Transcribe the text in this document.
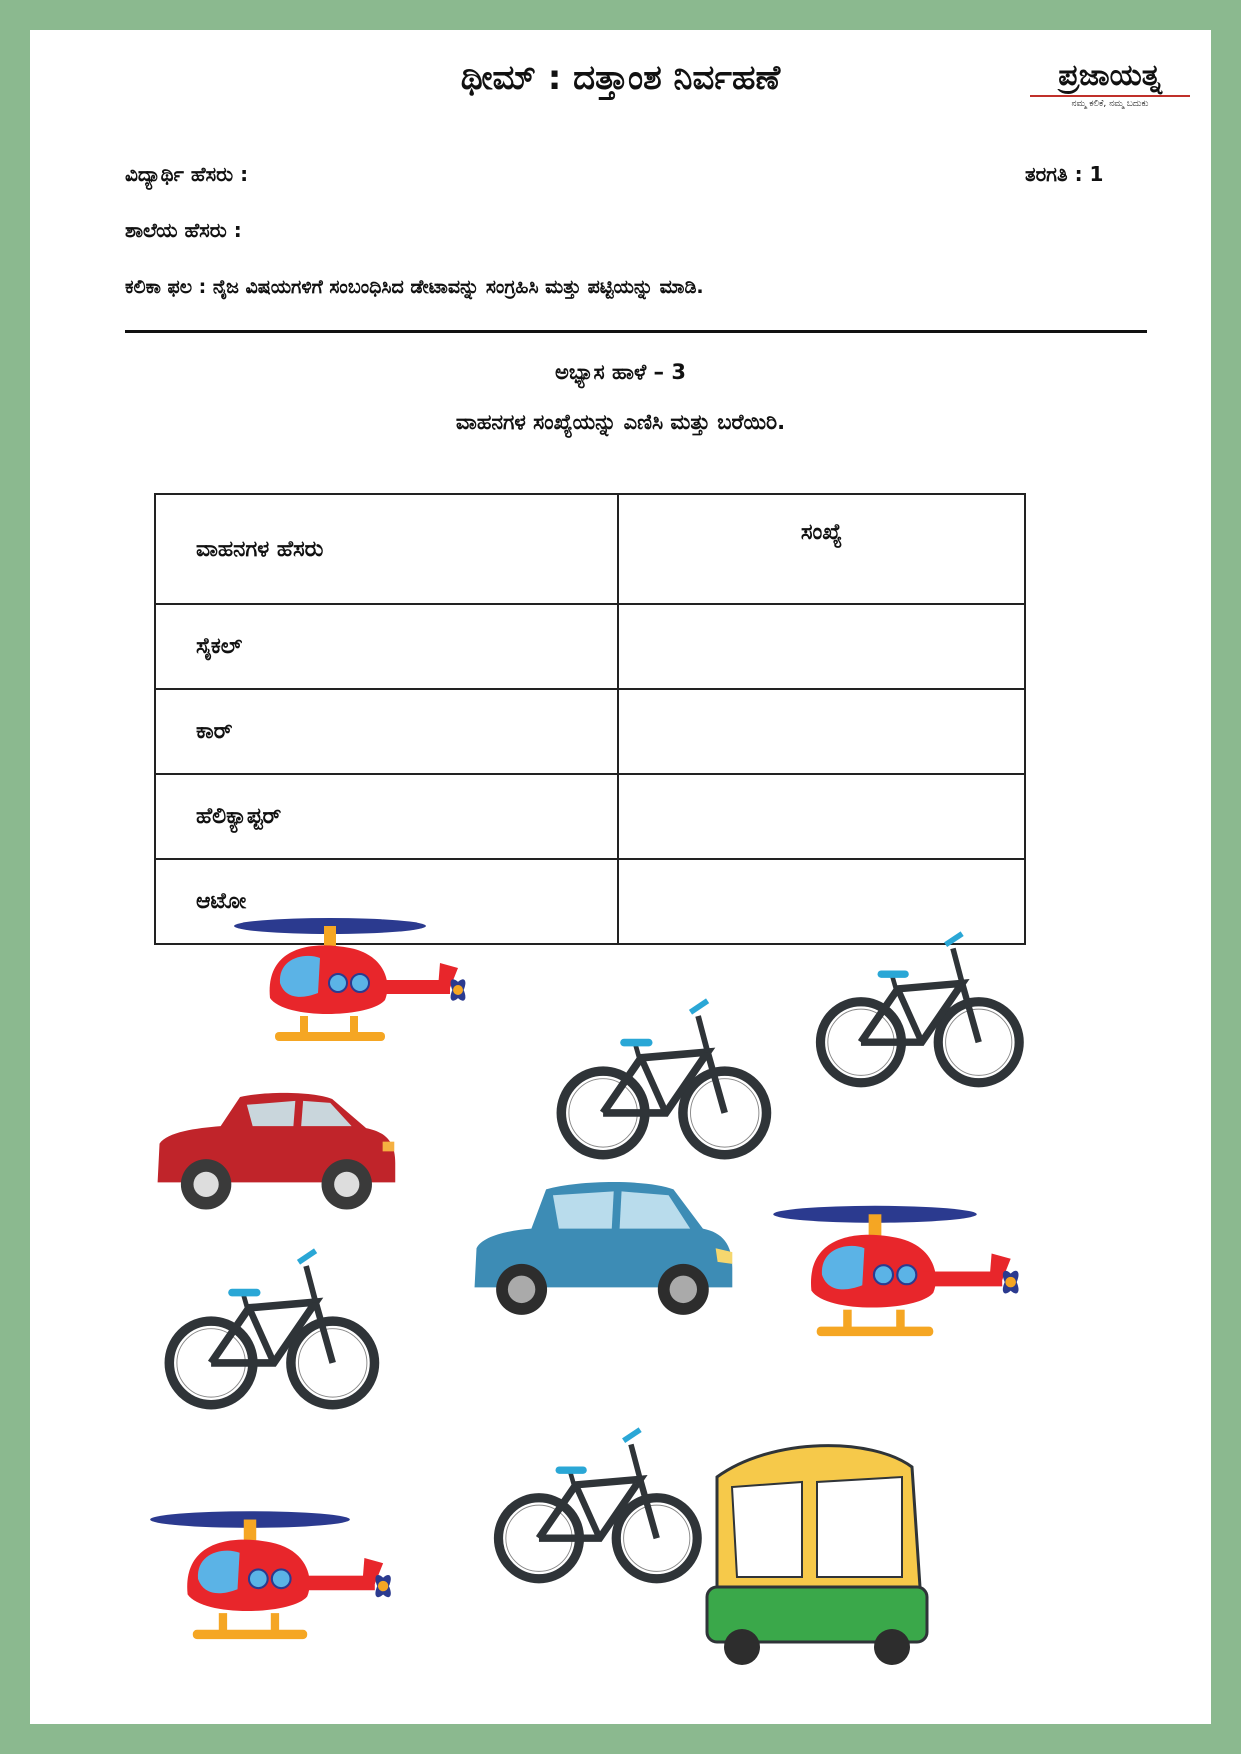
ಥೀಮ್ : ದತ್ತಾಂಶ ನಿರ್ವಹಣೆ	ಪ್ರಜಾಯತ್ನ
ನಮ್ಮ ಕಲಿಕೆ, ನಮ್ಮ ಬದುಕು
ವಿದ್ಯಾರ್ಥಿ ಹೆಸರು :	ತರಗತಿ : 1
ಶಾಲೆಯ ಹೆಸರು :
ಕಲಿಕಾ ಫಲ : ನೈಜ ವಿಷಯಗಳಿಗೆ ಸಂಬಂಧಿಸಿದ ಡೇಟಾವನ್ನು ಸಂಗ್ರಹಿಸಿ ಮತ್ತು ಪಟ್ಟಿಯನ್ನು ಮಾಡಿ.
ಅಭ್ಯಾಸ ಹಾಳೆ – 3
ವಾಹನಗಳ ಸಂಖ್ಯೆಯನ್ನು ಎಣಿಸಿ ಮತ್ತು ಬರೆಯಿರಿ.
ವಾಹನಗಳ ಹೆಸರು	ಸಂಖ್ಯೆ
ಸೈಕಲ್	
ಕಾರ್	
ಹೆಲಿಕ್ಯಾಪ್ಟರ್	
ಆಟೋ	
